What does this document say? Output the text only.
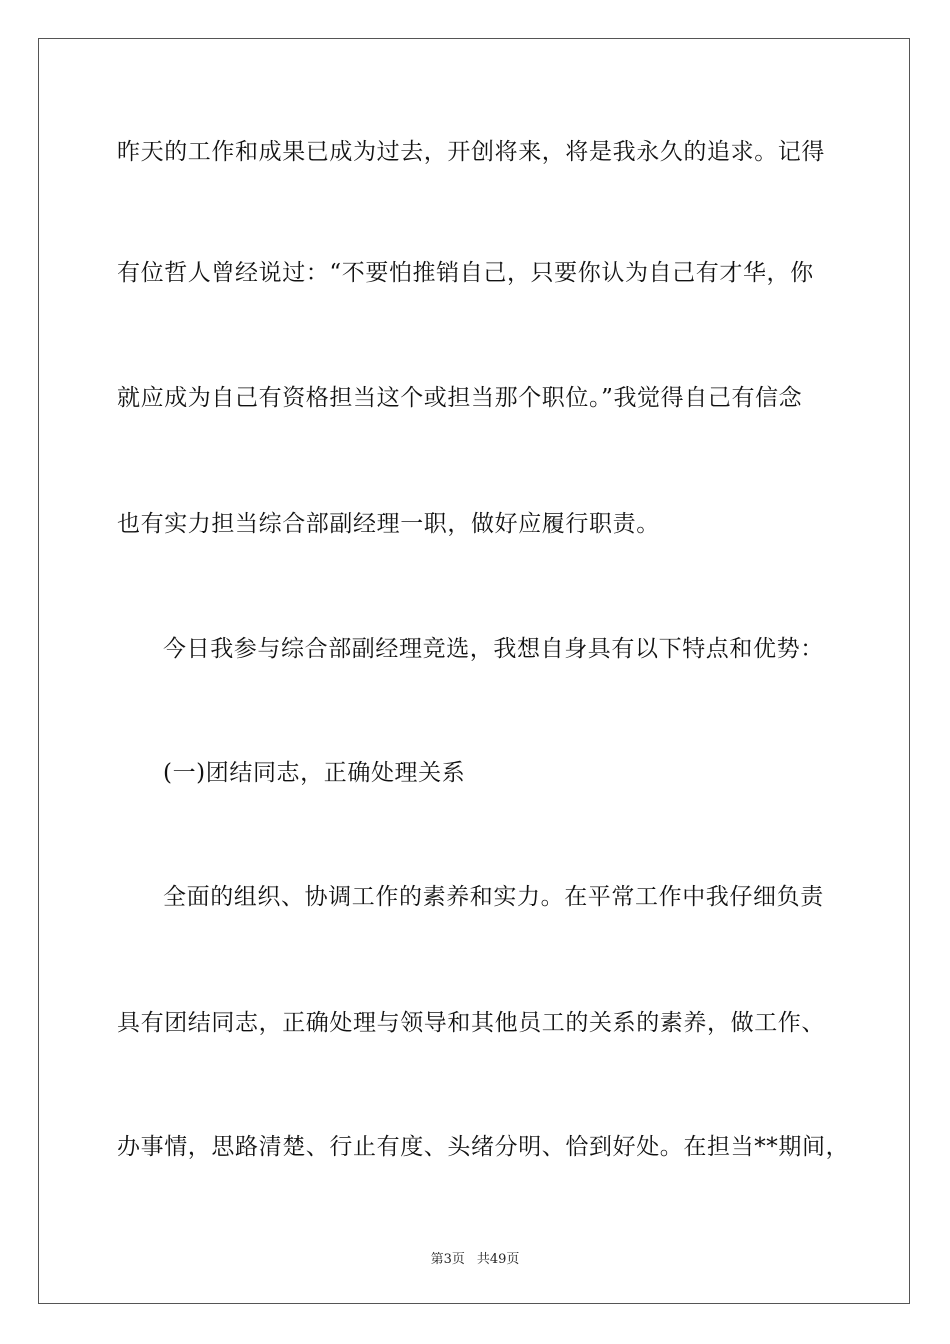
昨天的工作和成果已成为过去，开创将来，将是我永久的追求。记得
有位哲人曾经说过：“不要怕推销自己，只要你认为自己有才华，你
就应成为自己有资格担当这个或担当那个职位。”我觉得自己有信念
也有实力担当综合部副经理一职，做好应履行职责。
今日我参与综合部副经理竞选，我想自身具有以下特点和优势：
(一)团结同志，正确处理关系
全面的组织、协调工作的素养和实力。在平常工作中我仔细负责
具有团结同志，正确处理与领导和其他员工的关系的素养，做工作、
办事情，思路清楚、行止有度、头绪分明、恰到好处。在担当**期间，
第3页 共49页
